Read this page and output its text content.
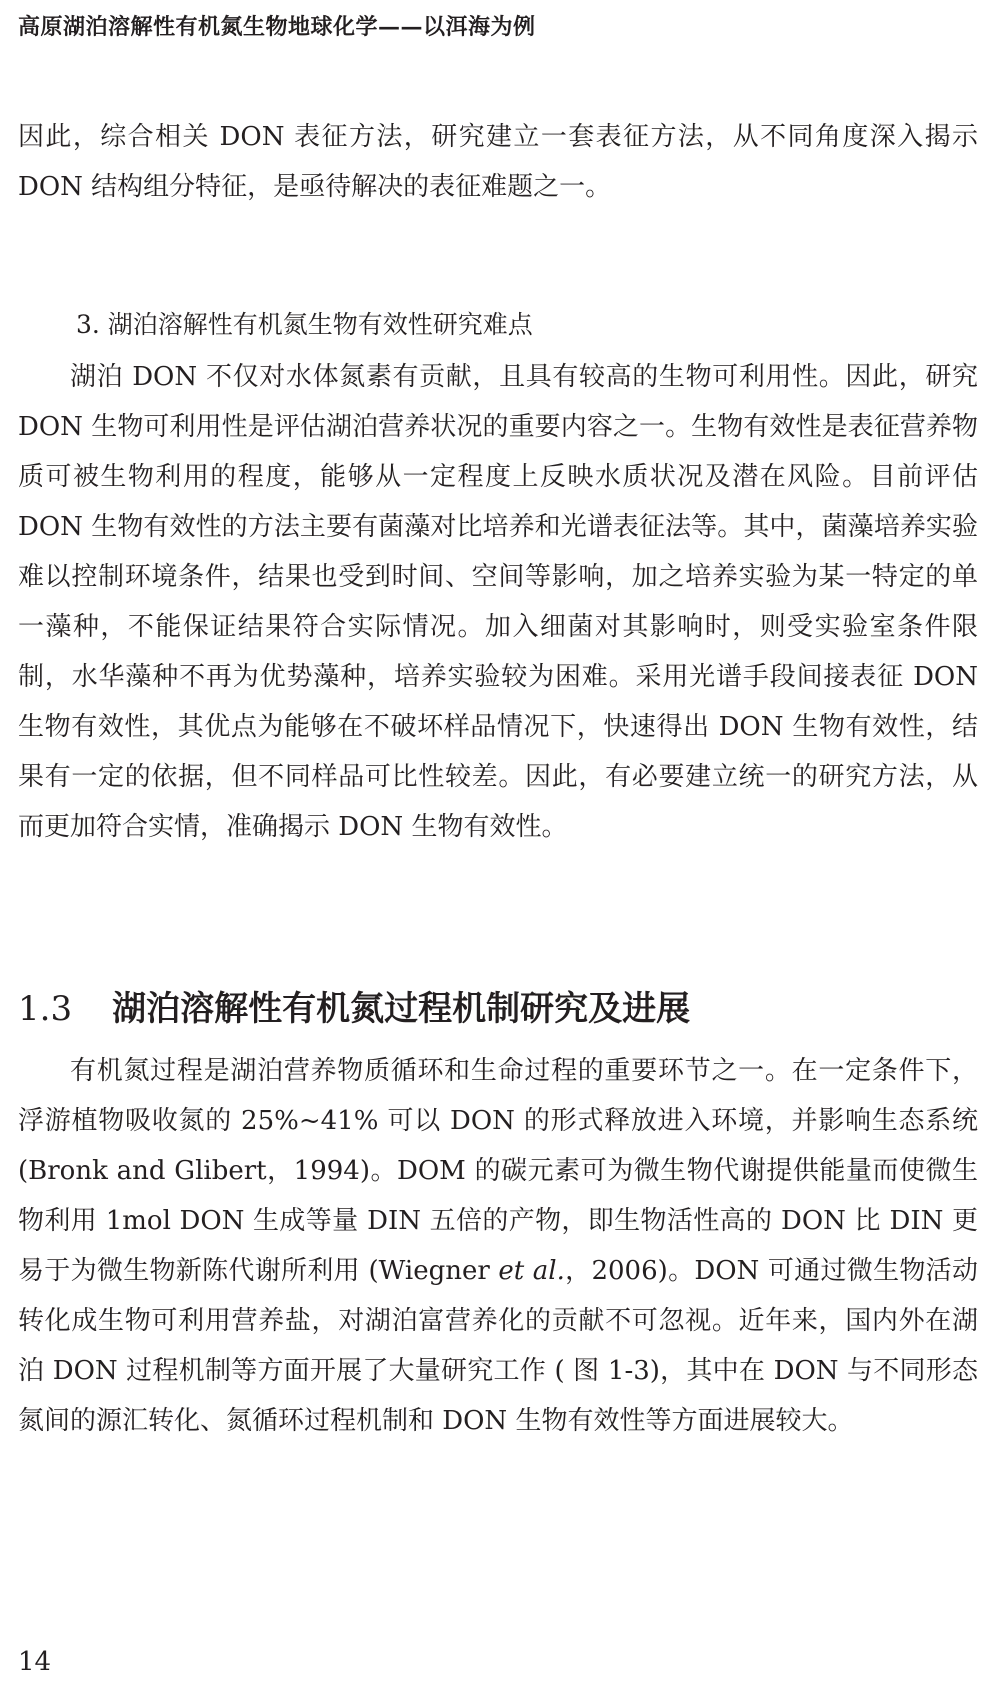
高原湖泊溶解性有机氮生物地球化学——以洱海为例

因此，综合相关 DON 表征方法，研究建立一套表征方法，从不同角度深入揭示 DON 结构组分特征，是亟待解决的表征难题之一。

3. 湖泊溶解性有机氮生物有效性研究难点

湖泊 DON 不仅对水体氮素有贡献，且具有较高的生物可利用性。因此，研究 DON 生物可利用性是评估湖泊营养状况的重要内容之一。生物有效性是表征营养物质可被生物利用的程度，能够从一定程度上反映水质状况及潜在风险。目前评估 DON 生物有效性的方法主要有菌藻对比培养和光谱表征法等。其中，菌藻培养实验难以控制环境条件，结果也受到时间、空间等影响，加之培养实验为某一特定的单一藻种，不能保证结果符合实际情况。加入细菌对其影响时，则受实验室条件限制，水华藻种不再为优势藻种，培养实验较为困难。采用光谱手段间接表征 DON 生物有效性，其优点为能够在不破坏样品情况下，快速得出 DON 生物有效性，结果有一定的依据，但不同样品可比性较差。因此，有必要建立统一的研究方法，从而更加符合实情，准确揭示 DON 生物有效性。

1.3 湖泊溶解性有机氮过程机制研究及进展

有机氮过程是湖泊营养物质循环和生命过程的重要环节之一。在一定条件下，浮游植物吸收氮的 25%~41% 可以 DON 的形式释放进入环境，并影响生态系统 (Bronk and Glibert，1994)。DOM 的碳元素可为微生物代谢提供能量而使微生物利用 1mol DON 生成等量 DIN 五倍的产物，即生物活性高的 DON 比 DIN 更易于为微生物新陈代谢所利用 (Wiegner et al.，2006)。DON 可通过微生物活动转化成生物可利用营养盐，对湖泊富营养化的贡献不可忽视。近年来，国内外在湖泊 DON 过程机制等方面开展了大量研究工作 ( 图 1-3)，其中在 DON 与不同形态氮间的源汇转化、氮循环过程机制和 DON 生物有效性等方面进展较大。

14
